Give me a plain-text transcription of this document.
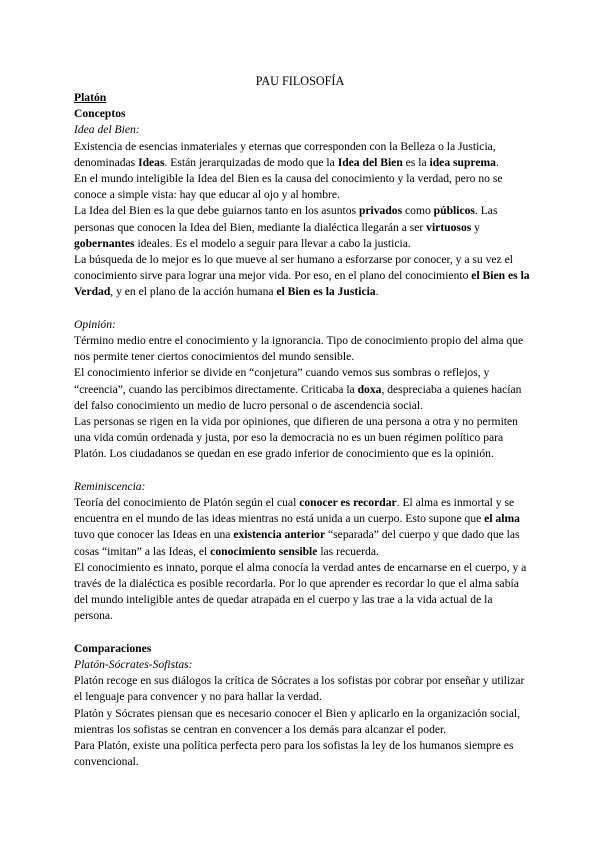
PAU FILOSOFÍA

Platón

Conceptos

Idea del Bien:

Existencia de esencias inmateriales y eternas que corresponden con la Belleza o la Justicia, denominadas Ideas. Están jerarquizadas de modo que la Idea del Bien es la idea suprema.

En el mundo inteligible la Idea del Bien es la causa del conocimiento y la verdad, pero no se conoce a simple vista: hay que educar al ojo y al hombre.

La Idea del Bien es la que debe guiarnos tanto en los asuntos privados como públicos. Las personas que conocen la Idea del Bien, mediante la dialéctica llegarán a ser virtuosos y gobernantes ideales. Es el modelo a seguir para llevar a cabo la justicia.

La búsqueda de lo mejor es lo que mueve al ser humano a esforzarse por conocer, y a su vez el conocimiento sirve para lograr una mejor vida. Por eso, en el plano del conocimiento el Bien es la Verdad, y en el plano de la acción humana el Bien es la Justicia.

Opinión:

Término medio entre el conocimiento y la ignorancia. Tipo de conocimiento propio del alma que nos permite tener ciertos conocimientos del mundo sensible.

El conocimiento inferior se divide en “conjetura” cuando vemos sus sombras o reflejos, y “creencia”, cuando las percibimos directamente. Criticaba la doxa, despreciaba a quienes hacían del falso conocimiento un medio de lucro personal o de ascendencia social.

Las personas se rigen en la vida por opiniones, que difieren de una persona a otra y no permiten una vida común ordenada y justa, por eso la democracia no es un buen régimen político para Platón. Los ciudadanos se quedan en ese grado inferior de conocimiento que es la opinión.

Reminiscencia:

Teoría del conocimiento de Platón según el cual conocer es recordar. El alma es inmortal y se encuentra en el mundo de las ideas mientras no está unida a un cuerpo. Esto supone que el alma tuvo que conocer las Ideas en una existencia anterior “separada” del cuerpo y que dado que las cosas “imitan” a las Ideas, el conocimiento sensible las recuerda.

El conocimiento es innato, porque el alma conocía la verdad antes de encarnarse en el cuerpo, y a través de la dialéctica es posible recordarla. Por lo que aprender es recordar lo que el alma sabía del mundo inteligible antes de quedar atrapada en el cuerpo y las trae a la vida actual de la persona.

Comparaciones

Platón-Sócrates-Sofistas:

Platón recoge en sus diálogos la crítica de Sócrates a los sofistas por cobrar por enseñar y utilizar el lenguaje para convencer y no para hallar la verdad.

Platón y Sócrates piensan que es necesario conocer el Bien y aplicarlo en la organización social, mientras los sofistas se centran en convencer a los demás para alcanzar el poder.

Para Platón, existe una política perfecta pero para los sofistas la ley de los humanos siempre es convencional.
